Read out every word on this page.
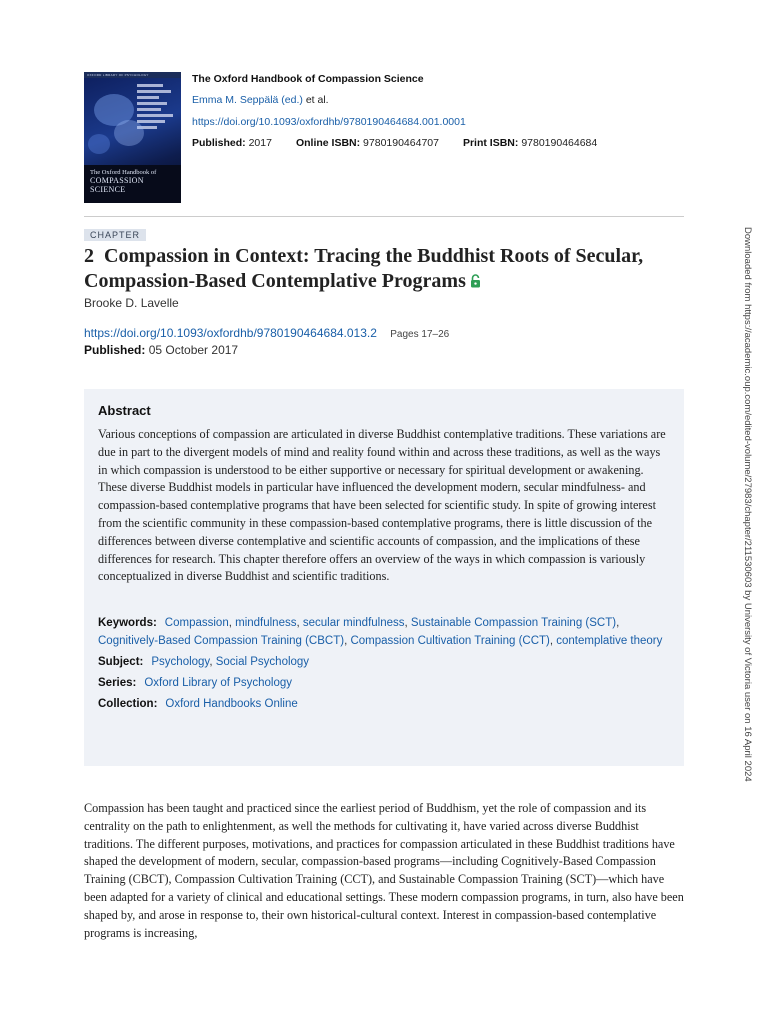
OXFORD LIBRARY OF PSYCHOLOGY
The Oxford Handbook of
COMPASSION
SCIENCE
The Oxford Handbook of Compassion Science
Emma M. Seppälä (ed.) et al.
https://doi.org/10.1093/oxfordhb/9780190464684.001.0001
Published: 2017 Online ISBN: 9780190464707 Print ISBN: 9780190464684
CHAPTER
2 Compassion in Context: Tracing the Buddhist Roots of Secular, Compassion-Based Contemplative Programs
Brooke D. Lavelle
https://doi.org/10.1093/oxfordhb/9780190464684.013.2 Pages 17–26
Published: 05 October 2017
Abstract

Various conceptions of compassion are articulated in diverse Buddhist contemplative traditions. These variations are due in part to the divergent models of mind and reality found within and across these traditions, as well as the ways in which compassion is understood to be either supportive or necessary for spiritual development or awakening. These diverse Buddhist models in particular have influenced the development modern, secular mindfulness- and compassion-based contemplative programs that have been selected for scientific study. In spite of growing interest from the scientific community in these compassion-based contemplative programs, there is little discussion of the differences between diverse contemplative and scientific accounts of compassion, and the implications of these differences for research. This chapter therefore offers an overview of the ways in which compassion is variously conceptualized in diverse Buddhist and scientific traditions.

Keywords: Compassion, mindfulness, secular mindfulness, Sustainable Compassion Training (SCT), Cognitively-Based Compassion Training (CBCT), Compassion Cultivation Training (CCT), contemplative theory
Subject: Psychology, Social Psychology
Series: Oxford Library of Psychology
Collection: Oxford Handbooks Online

Compassion has been taught and practiced since the earliest period of Buddhism, yet the role of compassion and its centrality on the path to enlightenment, as well the methods for cultivating it, have varied across diverse Buddhist traditions. The different purposes, motivations, and practices for compassion articulated in these Buddhist traditions have shaped the development of modern, secular, compassion-based programs—including Cognitively-Based Compassion Training (CBCT), Compassion Cultivation Training (CCT), and Sustainable Compassion Training (SCT)—which have been adapted for a variety of clinical and educational settings. These modern compassion programs, in turn, also have been shaped by, and arose in response to, their own historical-cultural context. Interest in compassion-based contemplative programs is increasing,

Downloaded from https://academic.oup.com/edited-volume/27983/chapter/211530603 by University of Victoria user on 16 April 2024
